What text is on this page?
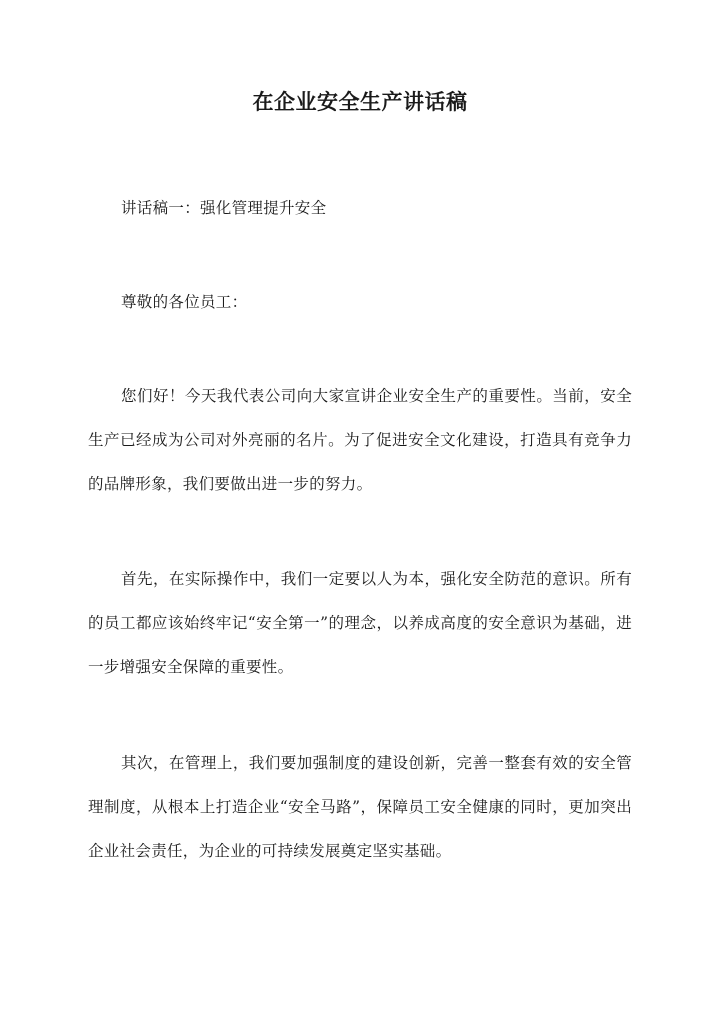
在企业安全生产讲话稿
讲话稿一：强化管理提升安全
尊敬的各位员工：
您们好！今天我代表公司向大家宣讲企业安全生产的重要性。当前，安全生产已经成为公司对外亮丽的名片。为了促进安全文化建设，打造具有竞争力的品牌形象，我们要做出进一步的努力。
首先，在实际操作中，我们一定要以人为本，强化安全防范的意识。所有的员工都应该始终牢记“安全第一”的理念，以养成高度的安全意识为基础，进一步增强安全保障的重要性。
其次，在管理上，我们要加强制度的建设创新，完善一整套有效的安全管理制度，从根本上打造企业“安全马路”，保障员工安全健康的同时，更加突出企业社会责任，为企业的可持续发展奠定坚实基础。
